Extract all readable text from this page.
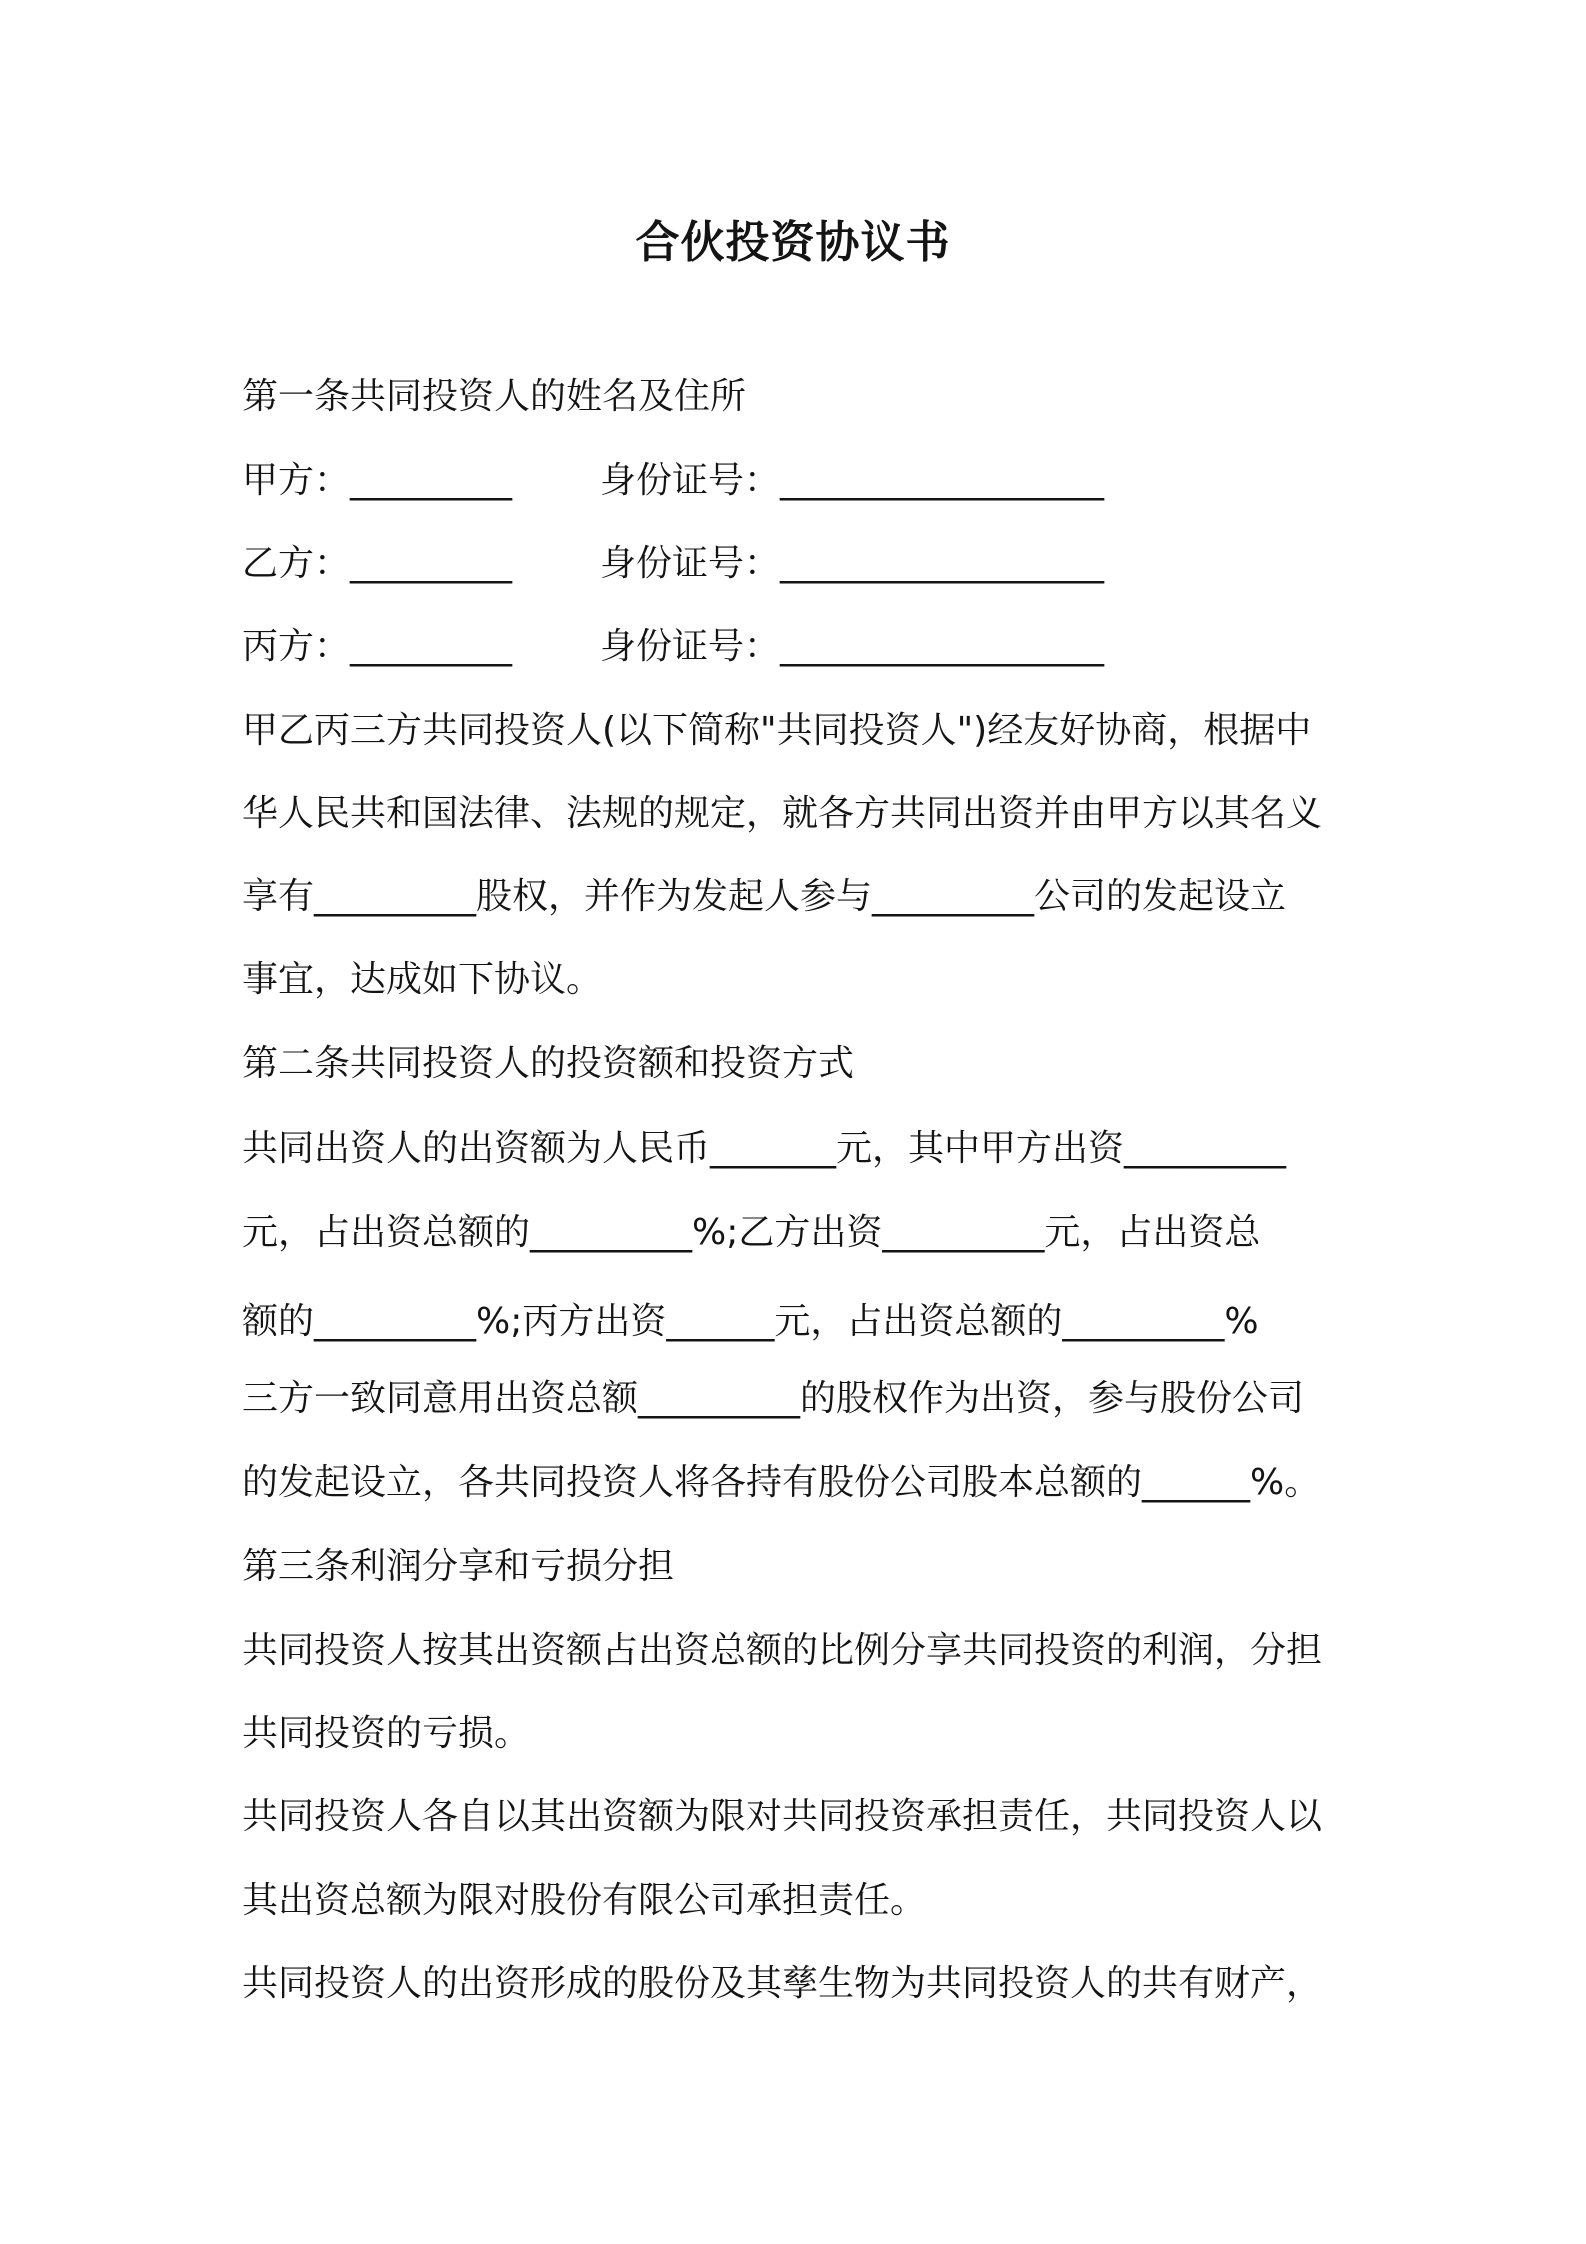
合伙投资协议书

第一条共同投资人的姓名及住所

甲方：_________

身份证号：__________________

乙方：_________

身份证号：__________________

丙方：_________

身份证号：__________________

甲乙丙三方共同投资人(以下简称"共同投资人")经友好协商，根据中

华人民共和国法律、法规的规定，就各方共同出资并由甲方以其名义

享有_________股权，并作为发起人参与_________公司的发起设立

事宜，达成如下协议。

第二条共同投资人的投资额和投资方式

共同出资人的出资额为人民币_______元，其中甲方出资_________

元，占出资总额的_________%;乙方出资_________元，占出资总

额的_________%;丙方出资______元，占出资总额的_________%

三方一致同意用出资总额_________的股权作为出资，参与股份公司

的发起设立，各共同投资人将各持有股份公司股本总额的______%。

第三条利润分享和亏损分担

共同投资人按其出资额占出资总额的比例分享共同投资的利润，分担

共同投资的亏损。

共同投资人各自以其出资额为限对共同投资承担责任，共同投资人以

其出资总额为限对股份有限公司承担责任。

共同投资人的出资形成的股份及其孳生物为共同投资人的共有财产，
